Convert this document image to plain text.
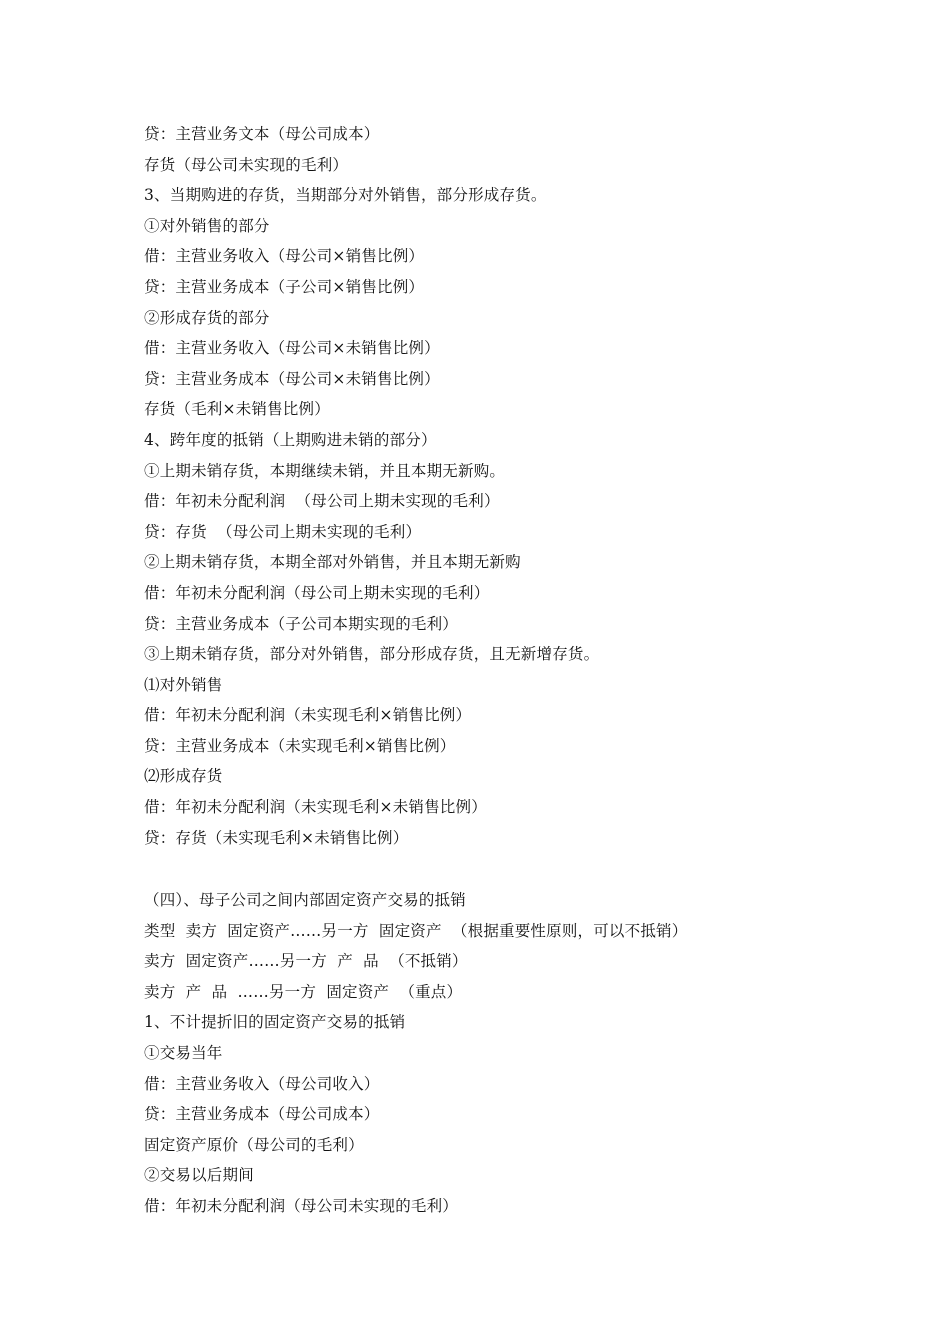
贷：主营业务文本（母公司成本）
存货（母公司未实现的毛利）
3、当期购进的存货，当期部分对外销售，部分形成存货。
①对外销售的部分
借：主营业务收入（母公司×销售比例）
贷：主营业务成本（子公司×销售比例）
②形成存货的部分
借：主营业务收入（母公司×未销售比例）
贷：主营业务成本（母公司×未销售比例）
存货（毛利×未销售比例）
4、跨年度的抵销（上期购进未销的部分）
①上期未销存货，本期继续未销，并且本期无新购。
借：年初未分配利润  （母公司上期未实现的毛利）
贷：存货  （母公司上期未实现的毛利）
②上期未销存货，本期全部对外销售，并且本期无新购
借：年初未分配利润（母公司上期未实现的毛利）
贷：主营业务成本（子公司本期实现的毛利）
③上期未销存货，部分对外销售，部分形成存货，且无新增存货。
⑴对外销售
借：年初未分配利润（未实现毛利×销售比例）
贷：主营业务成本（未实现毛利×销售比例）
⑵形成存货
借：年初未分配利润（未实现毛利×未销售比例）
贷：存货（未实现毛利×未销售比例）
（四）、母子公司之间内部固定资产交易的抵销
类型  卖方  固定资产……另一方  固定资产  （根据重要性原则，可以不抵销）
卖方  固定资产……另一方  产  品  （不抵销）
卖方  产  品  ……另一方  固定资产  （重点）
1、不计提折旧的固定资产交易的抵销
①交易当年
借：主营业务收入（母公司收入）
贷：主营业务成本（母公司成本）
固定资产原价（母公司的毛利）
②交易以后期间
借：年初未分配利润（母公司未实现的毛利）
